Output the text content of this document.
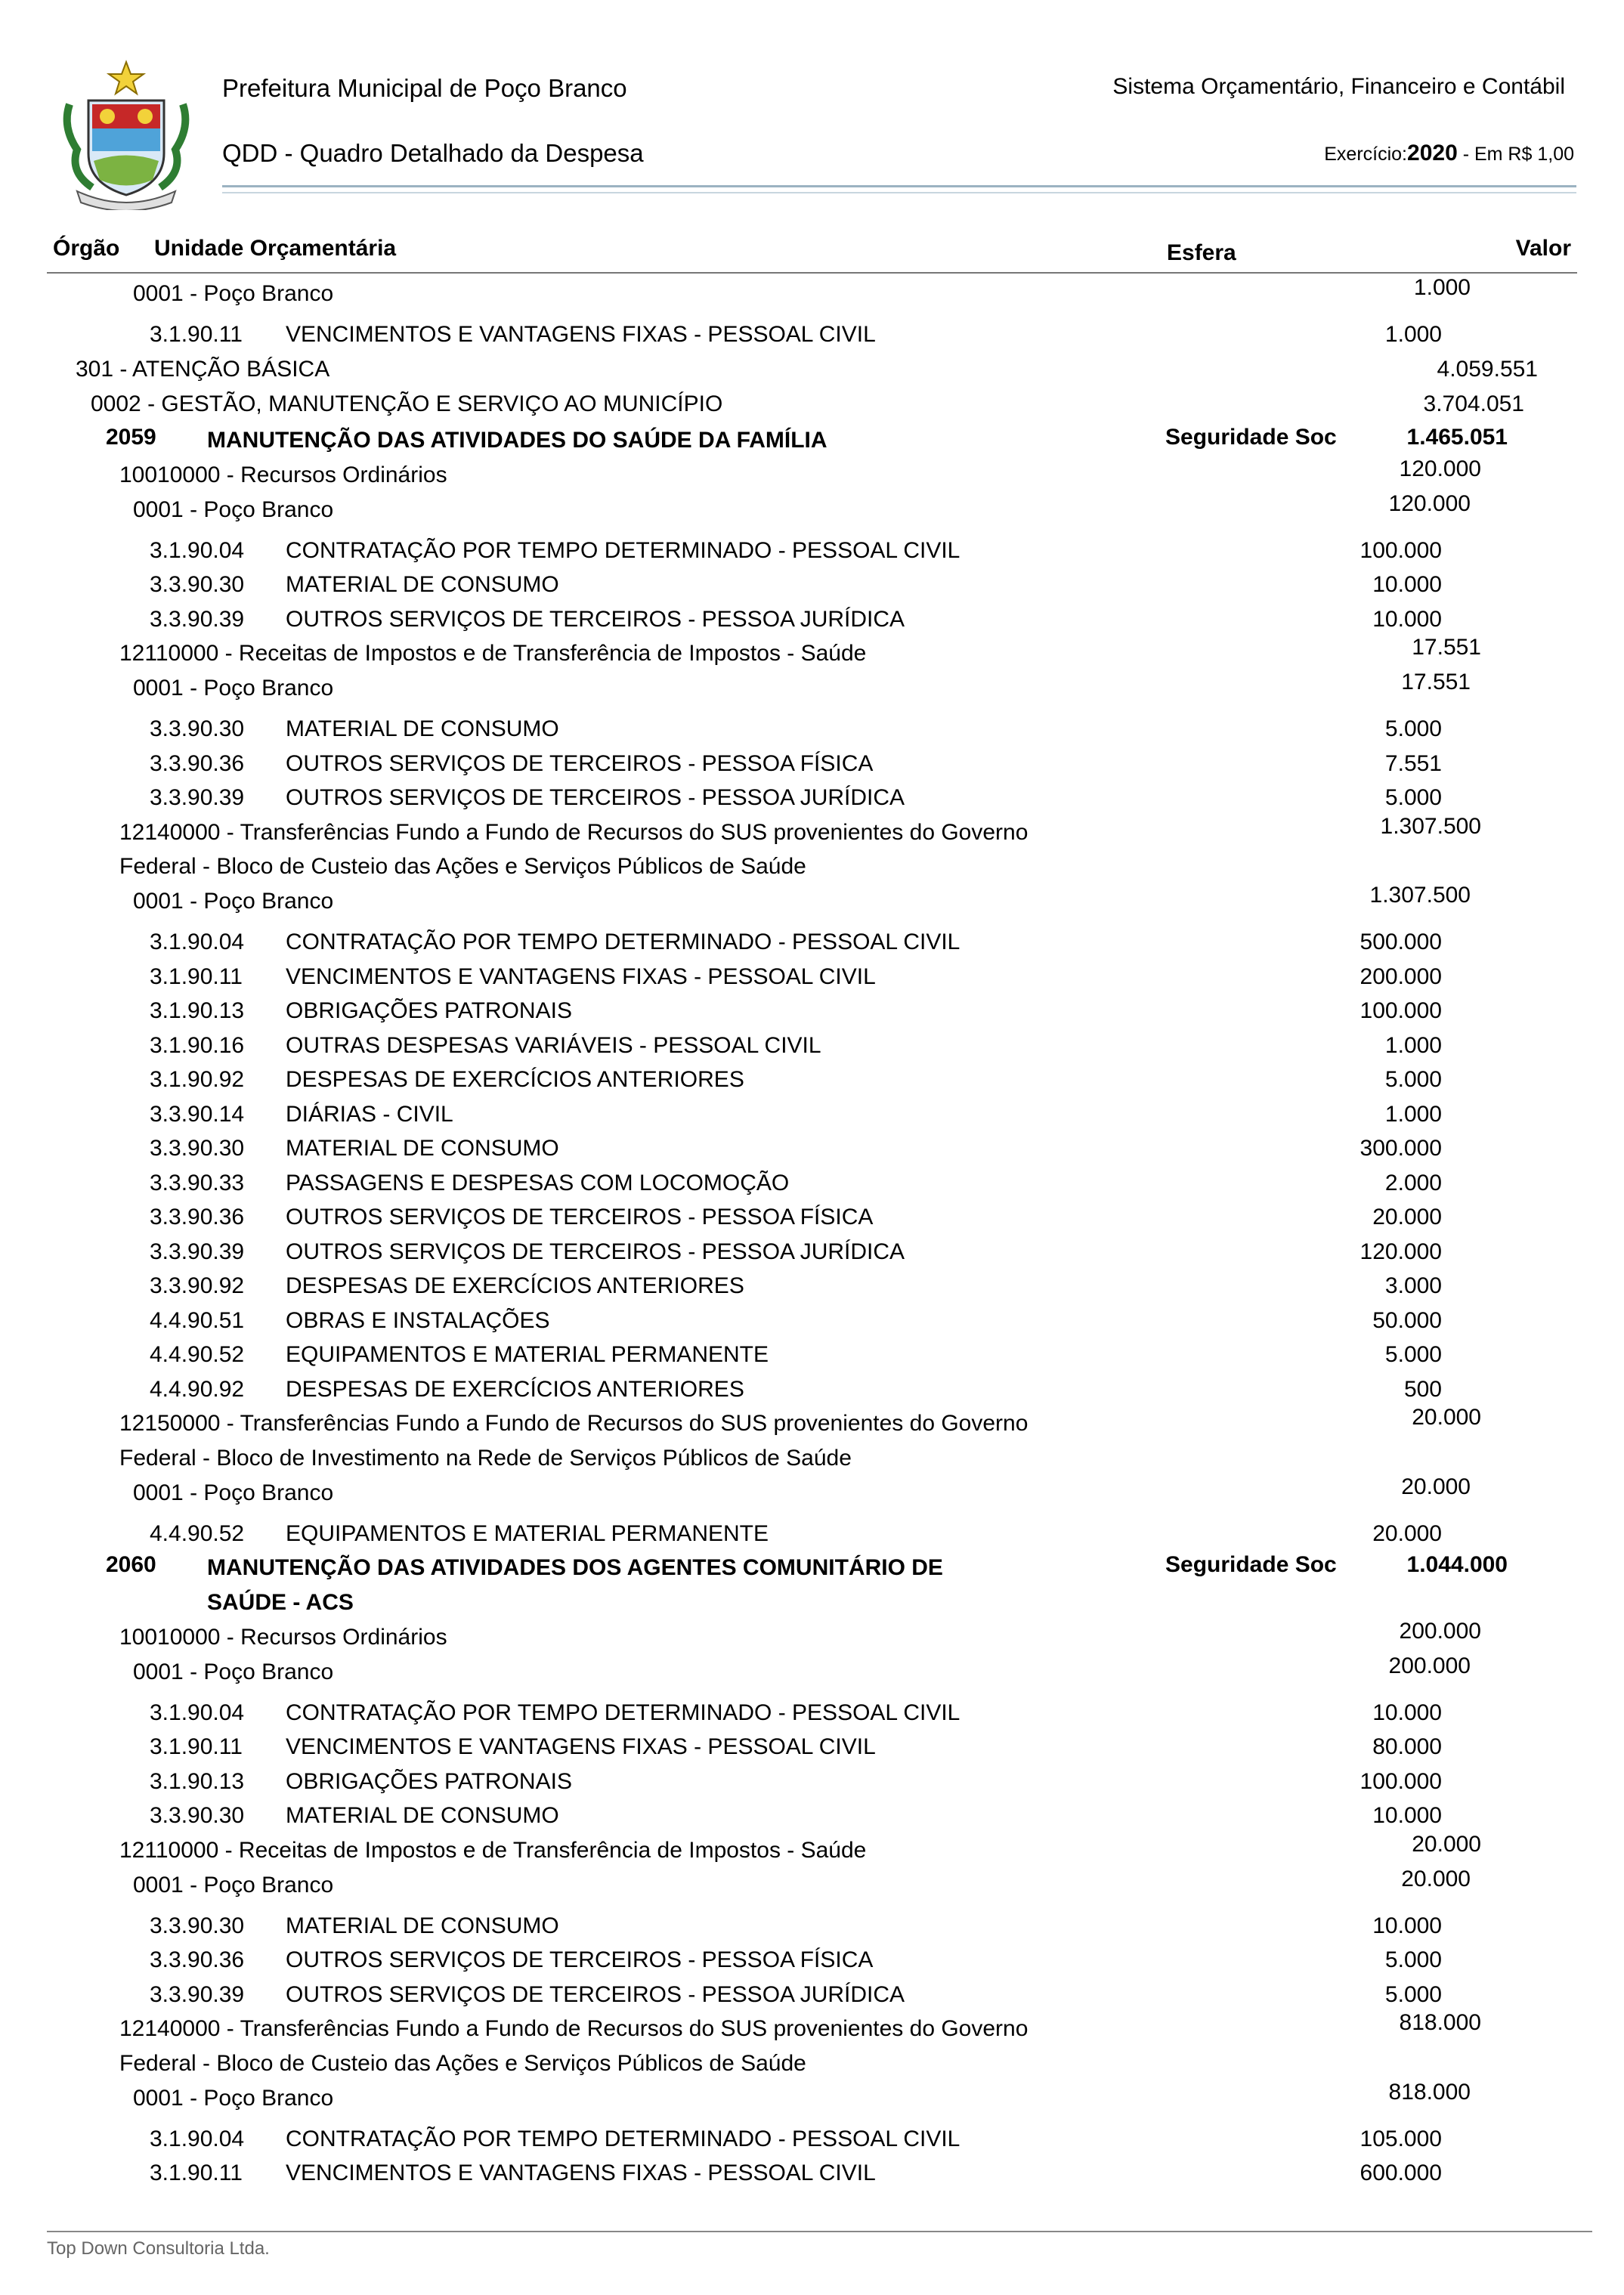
Prefeitura Municipal de Poço Branco
QDD - Quadro Detalhado da Despesa
Sistema Orçamentário, Financeiro e Contábil
Exercício:2020 - Em R$ 1,00
Órgão Unidade Orçamentária	Esfera	Valor
0001 - Poço Branco	1.000
3.1.90.11 VENCIMENTOS E VANTAGENS FIXAS - PESSOAL CIVIL	1.000
301 - ATENÇÃO BÁSICA	4.059.551
0002 - GESTÃO, MANUTENÇÃO E SERVIÇO AO MUNICÍPIO	3.704.051
2059 MANUTENÇÃO DAS ATIVIDADES DO SAÚDE DA FAMÍLIA	Seguridade Soc	1.465.051
10010000 - Recursos Ordinários	120.000
0001 - Poço Branco	120.000
3.1.90.04 CONTRATAÇÃO POR TEMPO DETERMINADO - PESSOAL CIVIL	100.000
3.3.90.30 MATERIAL DE CONSUMO	10.000
3.3.90.39 OUTROS SERVIÇOS DE TERCEIROS - PESSOA JURÍDICA	10.000
12110000 - Receitas de Impostos e de Transferência de Impostos - Saúde	17.551
0001 - Poço Branco	17.551
3.3.90.30 MATERIAL DE CONSUMO	5.000
3.3.90.36 OUTROS SERVIÇOS DE TERCEIROS - PESSOA FÍSICA	7.551
3.3.90.39 OUTROS SERVIÇOS DE TERCEIROS - PESSOA JURÍDICA	5.000
12140000 - Transferências Fundo a Fundo de Recursos do SUS provenientes do Governo
Federal - Bloco de Custeio das Ações e Serviços Públicos de Saúde
1.307.500
0001 - Poço Branco	1.307.500
3.1.90.04 CONTRATAÇÃO POR TEMPO DETERMINADO - PESSOAL CIVIL	500.000
3.1.90.11 VENCIMENTOS E VANTAGENS FIXAS - PESSOAL CIVIL	200.000
3.1.90.13 OBRIGAÇÕES PATRONAIS	100.000
3.1.90.16 OUTRAS DESPESAS VARIÁVEIS - PESSOAL CIVIL	1.000
3.1.90.92 DESPESAS DE EXERCÍCIOS ANTERIORES	5.000
3.3.90.14 DIÁRIAS - CIVIL	1.000
3.3.90.30 MATERIAL DE CONSUMO	300.000
3.3.90.33 PASSAGENS E DESPESAS COM LOCOMOÇÃO	2.000
3.3.90.36 OUTROS SERVIÇOS DE TERCEIROS - PESSOA FÍSICA	20.000
3.3.90.39 OUTROS SERVIÇOS DE TERCEIROS - PESSOA JURÍDICA	120.000
3.3.90.92 DESPESAS DE EXERCÍCIOS ANTERIORES	3.000
4.4.90.51 OBRAS E INSTALAÇÕES	50.000
4.4.90.52 EQUIPAMENTOS E MATERIAL PERMANENTE	5.000
4.4.90.92 DESPESAS DE EXERCÍCIOS ANTERIORES	500
12150000 - Transferências Fundo a Fundo de Recursos do SUS provenientes do Governo
Federal - Bloco de Investimento na Rede de Serviços Públicos de Saúde
20.000
0001 - Poço Branco	20.000
4.4.90.52 EQUIPAMENTOS E MATERIAL PERMANENTE	20.000
2060 MANUTENÇÃO DAS ATIVIDADES DOS AGENTES COMUNITÁRIO DE
SAÚDE - ACS
Seguridade Soc	1.044.000
10010000 - Recursos Ordinários	200.000
0001 - Poço Branco	200.000
3.1.90.04 CONTRATAÇÃO POR TEMPO DETERMINADO - PESSOAL CIVIL	10.000
3.1.90.11 VENCIMENTOS E VANTAGENS FIXAS - PESSOAL CIVIL	80.000
3.1.90.13 OBRIGAÇÕES PATRONAIS	100.000
3.3.90.30 MATERIAL DE CONSUMO	10.000
12110000 - Receitas de Impostos e de Transferência de Impostos - Saúde	20.000
0001 - Poço Branco	20.000
3.3.90.30 MATERIAL DE CONSUMO	10.000
3.3.90.36 OUTROS SERVIÇOS DE TERCEIROS - PESSOA FÍSICA	5.000
3.3.90.39 OUTROS SERVIÇOS DE TERCEIROS - PESSOA JURÍDICA	5.000
12140000 - Transferências Fundo a Fundo de Recursos do SUS provenientes do Governo
Federal - Bloco de Custeio das Ações e Serviços Públicos de Saúde
818.000
0001 - Poço Branco	818.000
3.1.90.04 CONTRATAÇÃO POR TEMPO DETERMINADO - PESSOAL CIVIL	105.000
3.1.90.11 VENCIMENTOS E VANTAGENS FIXAS - PESSOAL CIVIL	600.000
Top Down Consultoria Ltda.
